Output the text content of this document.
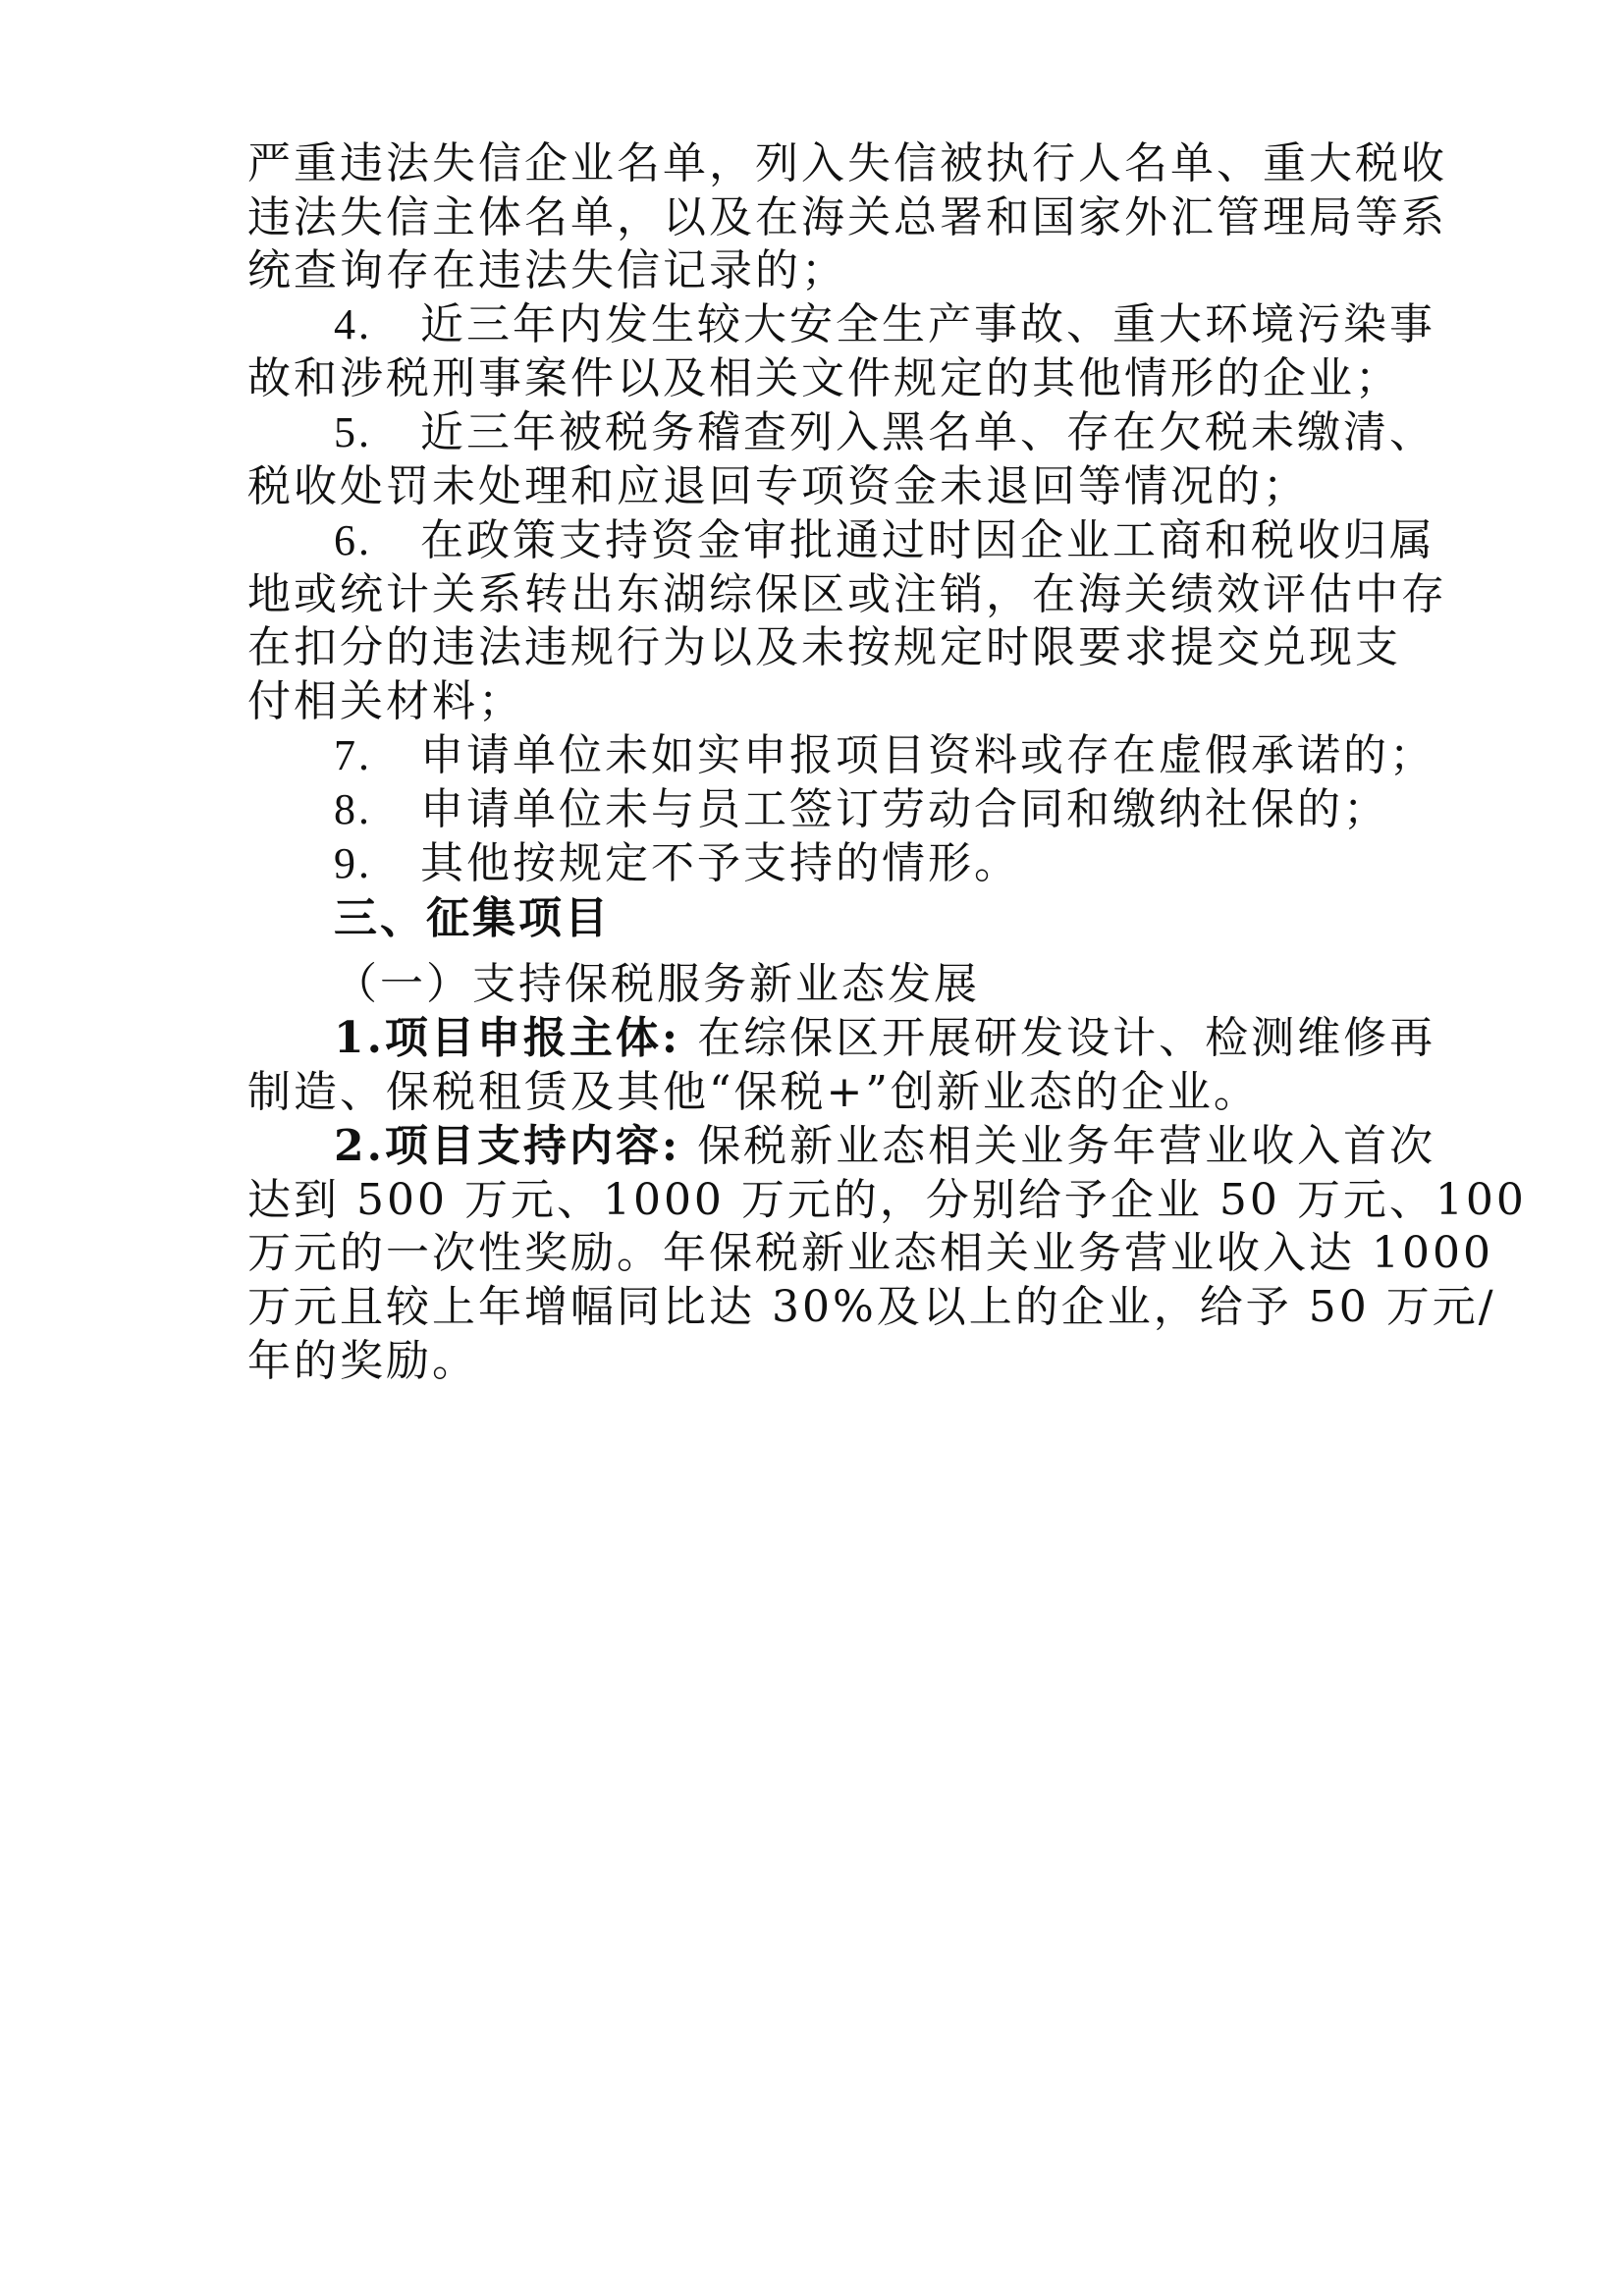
严重违法失信企业名单，列入失信被执行人名单、重大税收
违法失信主体名单，以及在海关总署和国家外汇管理局等系
统查询存在违法失信记录的；
4. 近三年内发生较大安全生产事故、重大环境污染事
故和涉税刑事案件以及相关文件规定的其他情形的企业；
5. 近三年被税务稽查列入黑名单、存在欠税未缴清、
税收处罚未处理和应退回专项资金未退回等情况的；
6. 在政策支持资金审批通过时因企业工商和税收归属
地或统计关系转出东湖综保区或注销，在海关绩效评估中存
在扣分的违法违规行为以及未按规定时限要求提交兑现支
付相关材料；
7. 申请单位未如实申报项目资料或存在虚假承诺的；
8. 申请单位未与员工签订劳动合同和缴纳社保的；
9. 其他按规定不予支持的情形。
三、征集项目
（一）支持保税服务新业态发展
1.项目申报主体: 在综保区开展研发设计、检测维修再
制造、保税租赁及其他“保税+”创新业态的企业。
2.项目支持内容: 保税新业态相关业务年营业收入首次
达到 500 万元、1000 万元的，分别给予企业 50 万元、100
万元的一次性奖励。年保税新业态相关业务营业收入达 1000
万元且较上年增幅同比达 30%及以上的企业，给予 50 万元/
年的奖励。
